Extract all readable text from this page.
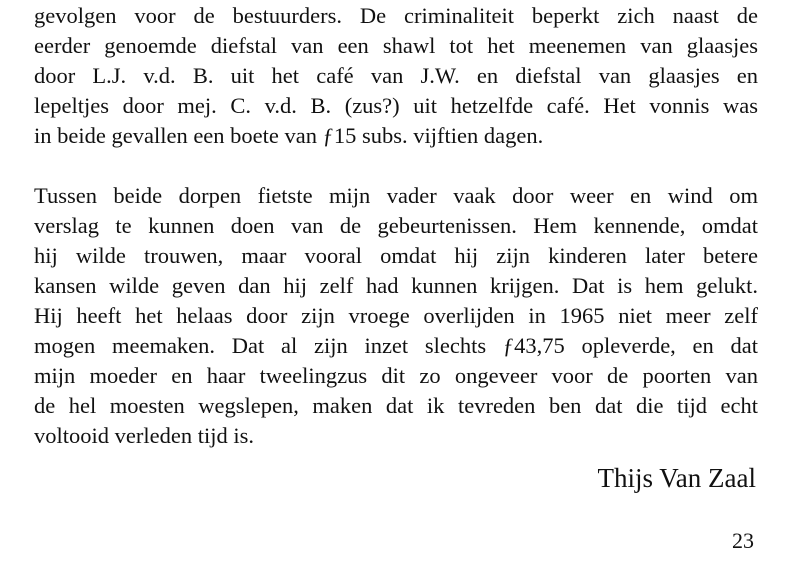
gevolgen voor de bestuurders. De criminaliteit beperkt zich naast de
eerder genoemde diefstal van een shawl tot het meenemen van glaasjes
door L.J. v.d. B. uit het café van J.W. en diefstal van glaasjes en
lepeltjes door mej. C. v.d. B. (zus?) uit hetzelfde café. Het vonnis was
in beide gevallen een boete van ƒ15 subs. vijftien dagen.

Tussen beide dorpen fietste mijn vader vaak door weer en wind om
verslag te kunnen doen van de gebeurtenissen. Hem kennende, omdat
hij wilde trouwen, maar vooral omdat hij zijn kinderen later betere
kansen wilde geven dan hij zelf had kunnen krijgen. Dat is hem gelukt.
Hij heeft het helaas door zijn vroege overlijden in 1965 niet meer zelf
mogen meemaken. Dat al zijn inzet slechts ƒ43,75 opleverde, en dat
mijn moeder en haar tweelingzus dit zo ongeveer voor de poorten van
de hel moesten wegslepen, maken dat ik tevreden ben dat die tijd echt
voltooid verleden tijd is.

Thijs Van Zaal
23
